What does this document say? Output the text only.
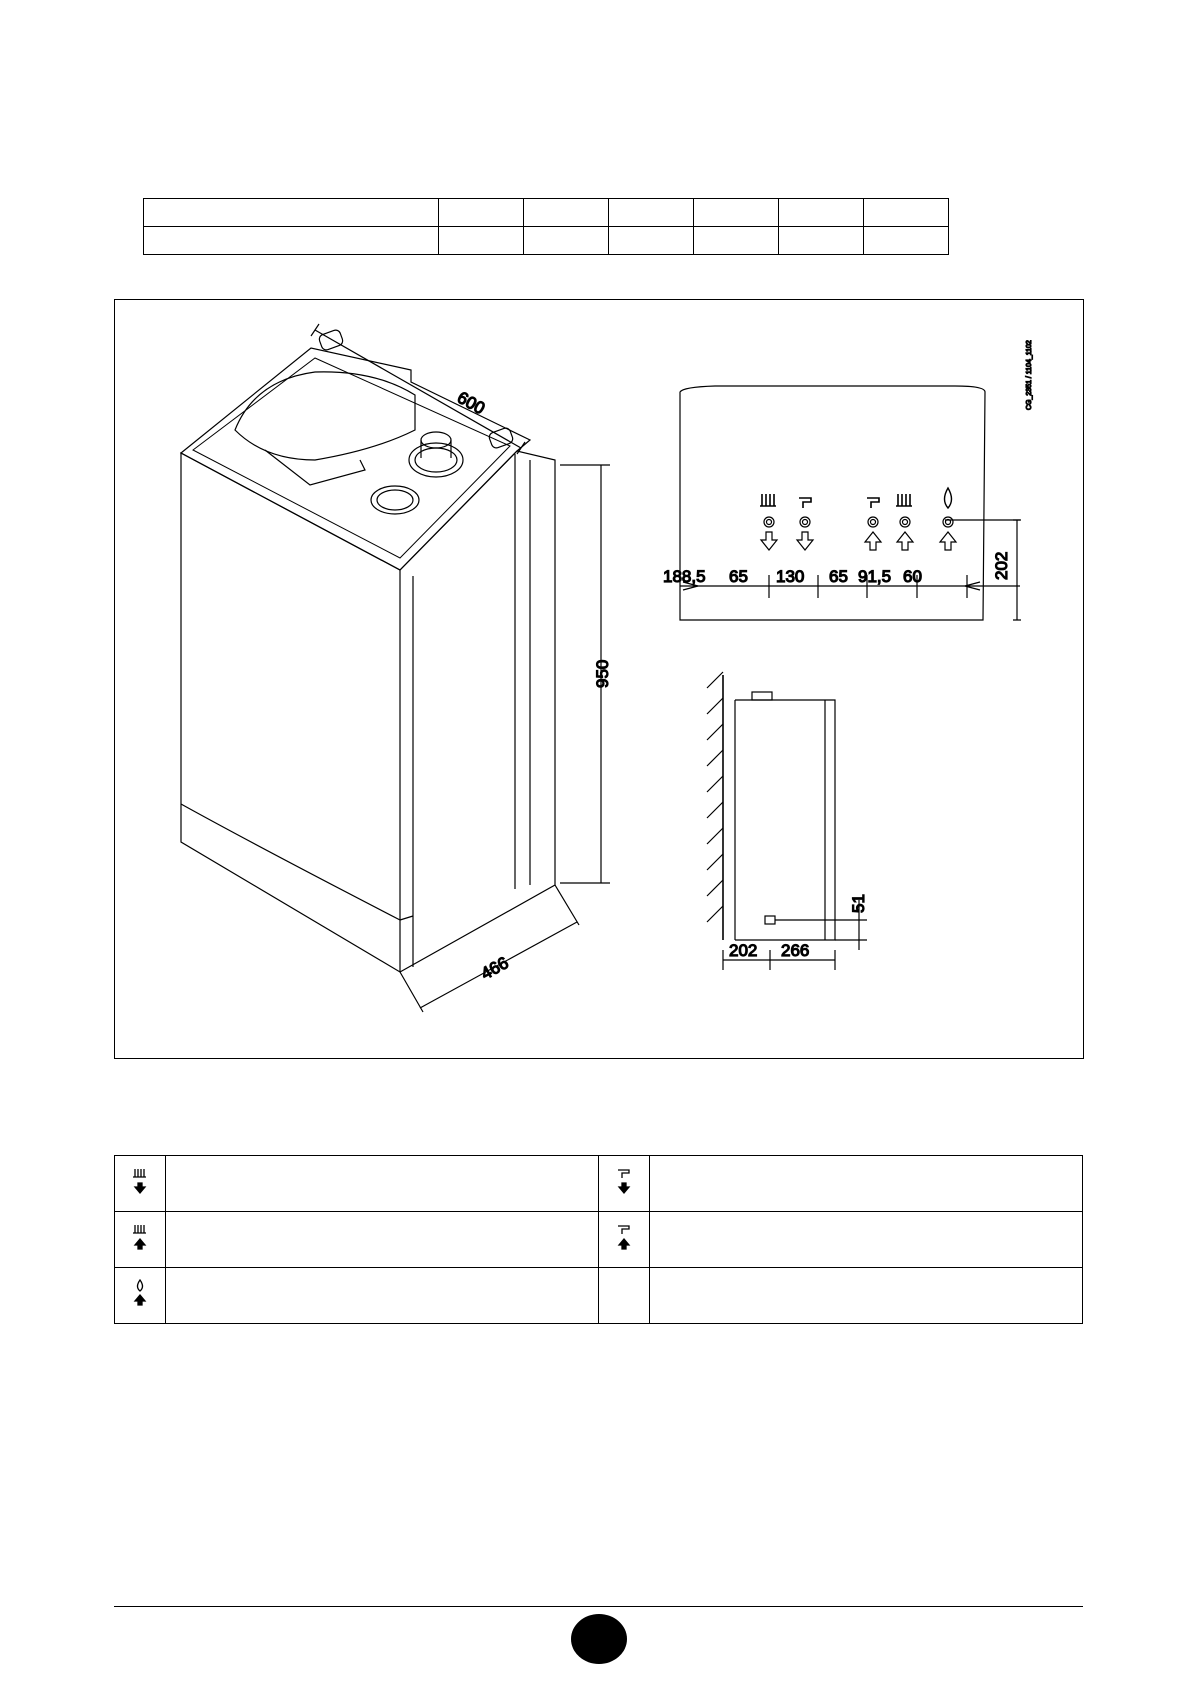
600
950
466
CG_2351 / 1104_1102
188,5 65 130 65 91,5 60	202
202 266
51
